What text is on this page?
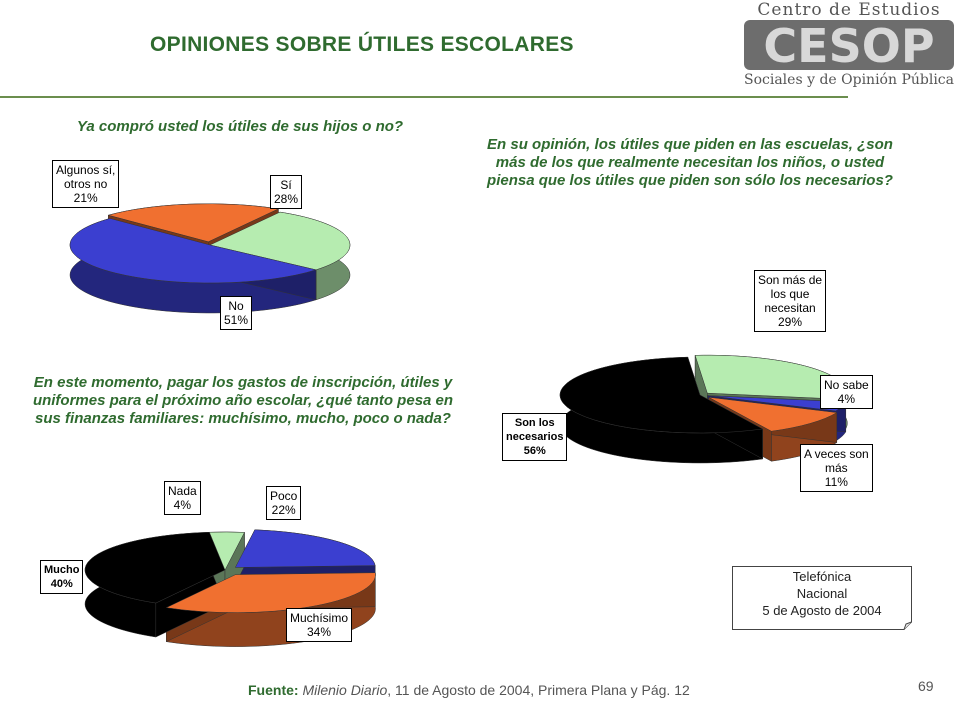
OPINIONES SOBRE ÚTILES ESCOLARES
Centro de Estudios
CESOP
Sociales y de Opinión Pública
Ya compró usted los útiles de sus hijos o no?
En su opinión, los útiles que piden en las escuelas, ¿son más de los que realmente necesitan los niños, o usted piensa que los útiles que piden son sólo los necesarios?
En este momento, pagar los gastos de inscripción, útiles y uniformes para el próximo año escolar, ¿qué tanto pesa en sus finanzas familiares: muchísimo, mucho, poco o nada?
Algunos sí,
otros no
21%
Sí
28%
No
51%
Son más de
los que
necesitan
29%
No sabe
4%
A veces son
más
11%
Son los
necesarios
56%
Nada
4%
Poco
22%
Muchísimo
34%
Mucho
40%	Telefónica
Nacional
5 de Agosto de 2004
Fuente: Milenio Diario, 11 de Agosto de 2004, Primera Plana y Pág. 12	69
